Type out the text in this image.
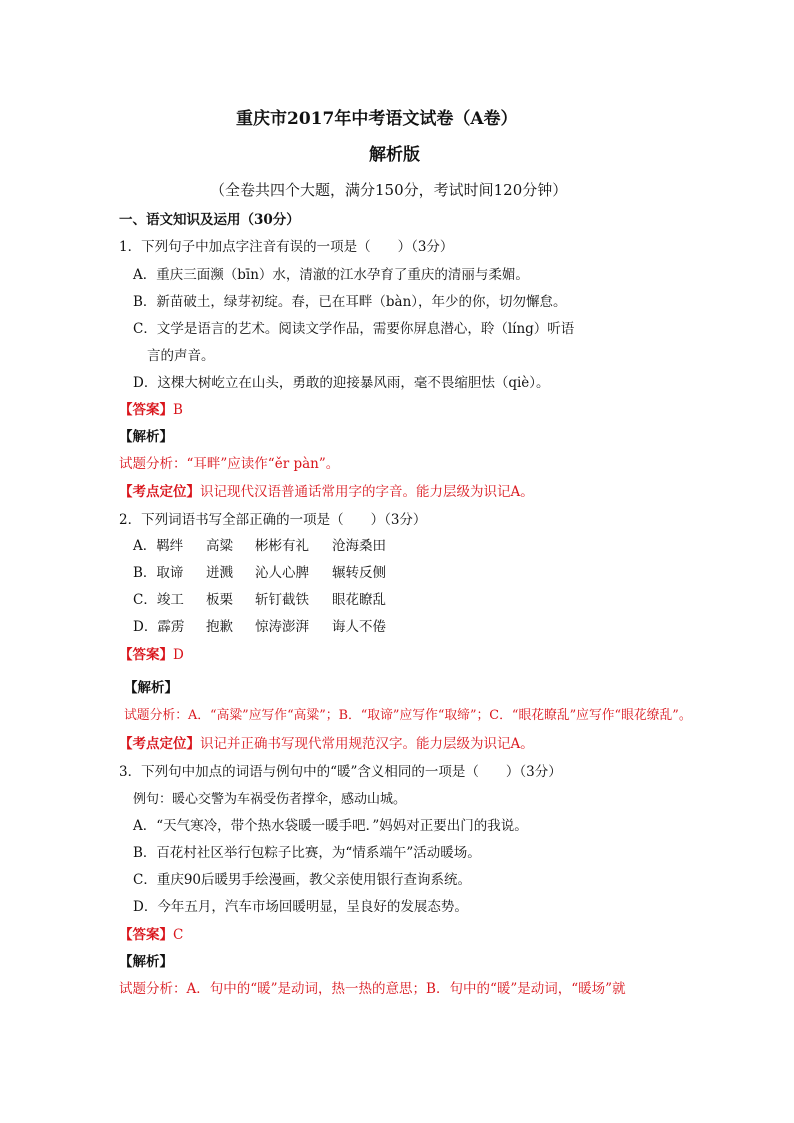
重庆市2017年中考语文试卷（A卷）
解析版
（全卷共四个大题，满分150分，考试时间120分钟）
一、语文知识及运用（30分）
1．下列句子中加点字注音有误的一项是（　　）（3分）
A．重庆三面濒（bīn）水，清澈的江水孕育了重庆的清丽与柔媚。
B．新苗破土，绿芽初绽。春，已在耳畔（bàn），年少的你，切勿懈怠。
C．文学是语言的艺术。阅读文学作品，需要你屏息潜心，聆（líng）听语
言的声音。
D．这棵大树屹立在山头，勇敢的迎接暴风雨，毫不畏缩胆怯（qiè）。
【答案】B
【解析】
试题分析：“耳畔”应读作“ěr pàn”。
【考点定位】识记现代汉语普通话常用字的字音。能力层级为识记A。
2．下列词语书写全部正确的一项是（　　）（3分）
A．羁绊 高粱 彬彬有礼 沧海桑田
B．取谛 迸溅 沁人心脾 辗转反侧
C．竣工 板栗 斩钉截铁 眼花瞭乱
D．霹雳 抱歉 惊涛澎湃 诲人不倦
【答案】D
【解析】
试题分析：A．“高粱”应写作“高粱”；B．“取谛”应写作“取缔”；C．“眼花瞭乱”应写作“眼花缭乱”。
【考点定位】识记并正确书写现代常用规范汉字。能力层级为识记A。
3．下列句中加点的词语与例句中的“暖”含义相同的一项是（　　）（3分）
例句：暖心交警为车祸受伤者撑伞，感动山城。
A．“天气寒冷，带个热水袋暖一暖手吧．”妈妈对正要出门的我说。
B．百花村社区举行包粽子比赛，为“情系端午”活动暖场。
C．重庆90后暖男手绘漫画，教父亲使用银行查询系统。
D．今年五月，汽车市场回暖明显，呈良好的发展态势。
【答案】C
【解析】
试题分析：A．句中的“暖”是动词，热一热的意思；B．句中的“暖”是动词，“暖场”就
